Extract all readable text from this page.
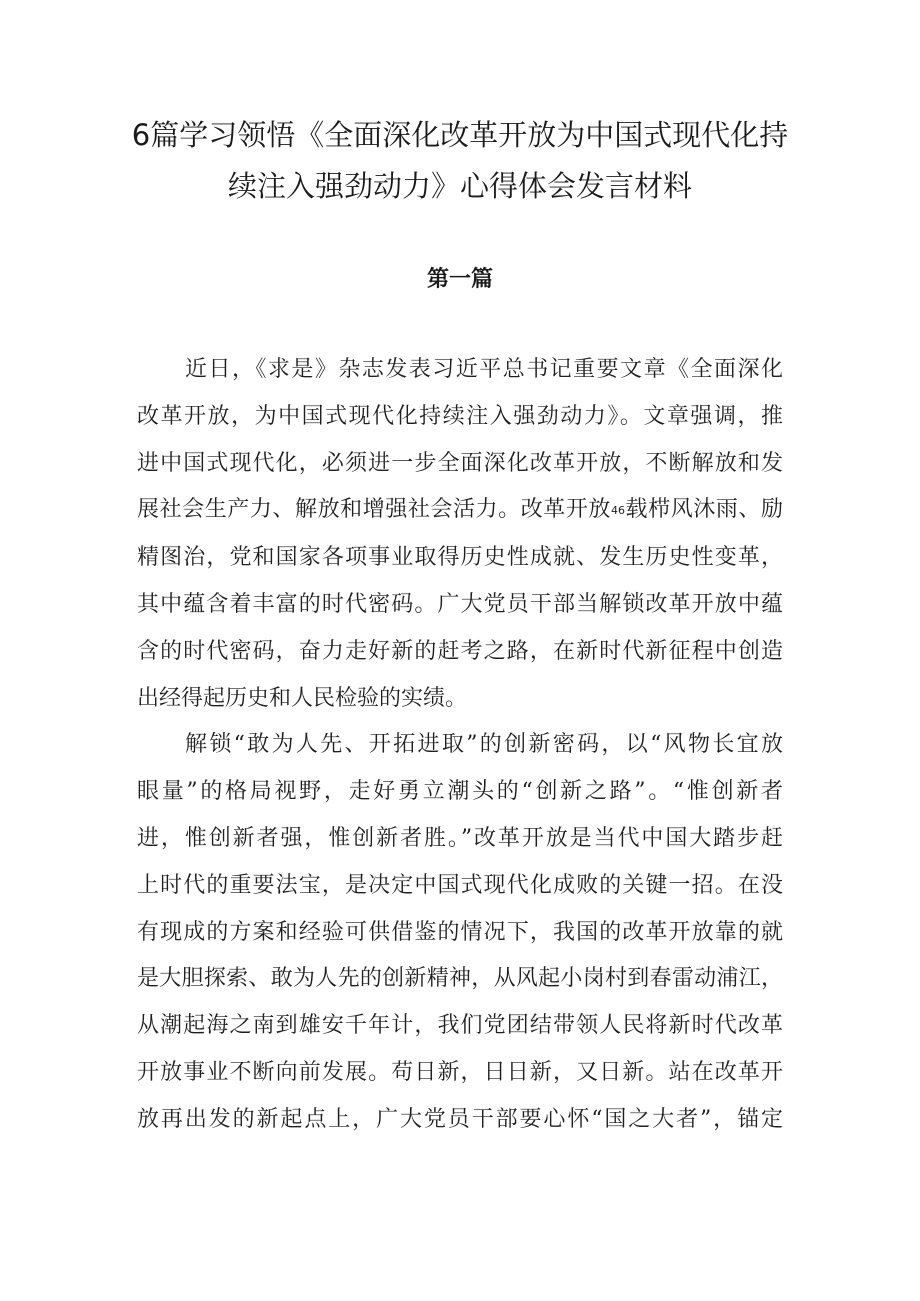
6篇学习领悟《全面深化改革开放为中国式现代化持
续注入强劲动力》心得体会发言材料
第一篇

近日，《求是》杂志发表习近平总书记重要文章《全面深化
改革开放，为中国式现代化持续注入强劲动力》。文章强调，推
进中国式现代化，必须进一步全面深化改革开放，不断解放和发
展社会生产力、解放和增强社会活力。改革开放46载栉风沐雨、励
精图治，党和国家各项事业取得历史性成就、发生历史性变革，
其中蕴含着丰富的时代密码。广大党员干部当解锁改革开放中蕴
含的时代密码，奋力走好新的赶考之路，在新时代新征程中创造
出经得起历史和人民检验的实绩。

解锁“敢为人先、开拓进取”的创新密码，以“风物长宜放
眼量”的格局视野，走好勇立潮头的“创新之路”。“惟创新者
进，惟创新者强，惟创新者胜。”改革开放是当代中国大踏步赶
上时代的重要法宝，是决定中国式现代化成败的关键一招。在没
有现成的方案和经验可供借鉴的情况下，我国的改革开放靠的就
是大胆探索、敢为人先的创新精神，从风起小岗村到春雷动浦江，
从潮起海之南到雄安千年计，我们党团结带领人民将新时代改革
开放事业不断向前发展。苟日新，日日新，又日新。站在改革开
放再出发的新起点上，广大党员干部要心怀“国之大者”，锚定
